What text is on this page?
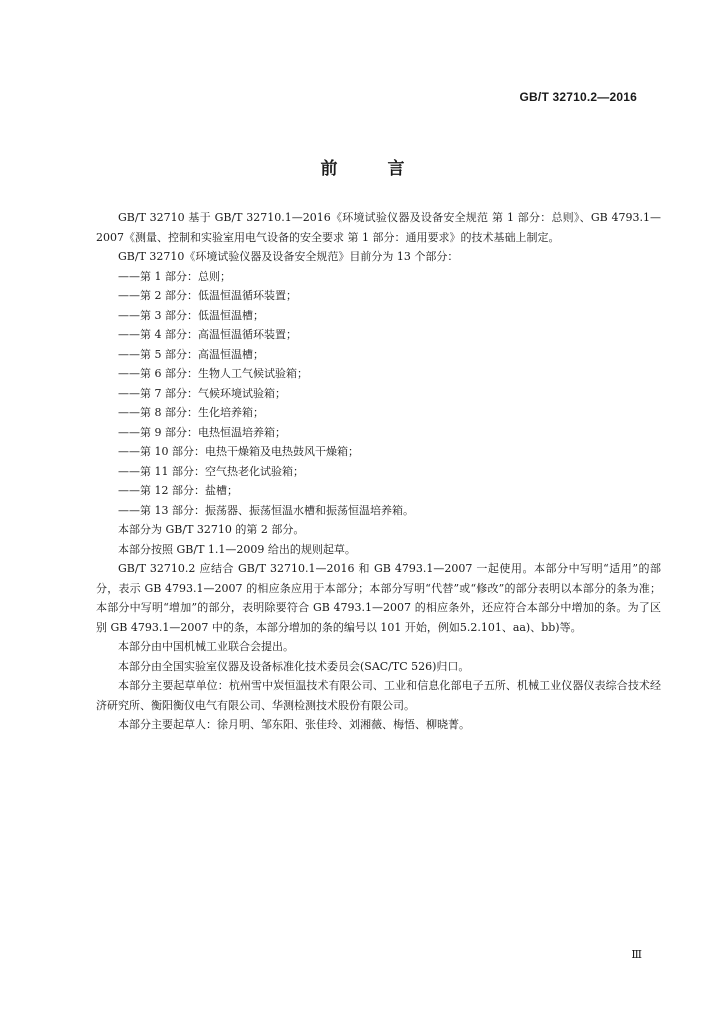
GB/T 32710.2—2016
前 言

GB/T 32710 基于 GB/T 32710.1—2016《环境试验仪器及设备安全规范 第 1 部分：总则》、GB 4793.1—2007《测量、控制和实验室用电气设备的安全要求 第 1 部分：通用要求》的技术基础上制定。

GB/T 32710《环境试验仪器及设备安全规范》目前分为 13 个部分：

——第 1 部分：总则；

——第 2 部分：低温恒温循环装置；

——第 3 部分：低温恒温槽；

——第 4 部分：高温恒温循环装置；

——第 5 部分：高温恒温槽；

——第 6 部分：生物人工气候试验箱；

——第 7 部分：气候环境试验箱；

——第 8 部分：生化培养箱；

——第 9 部分：电热恒温培养箱；

——第 10 部分：电热干燥箱及电热鼓风干燥箱；

——第 11 部分：空气热老化试验箱；

——第 12 部分：盐槽；

——第 13 部分：振荡器、振荡恒温水槽和振荡恒温培养箱。

本部分为 GB/T 32710 的第 2 部分。

本部分按照 GB/T 1.1—2009 给出的规则起草。

GB/T 32710.2 应结合 GB/T 32710.1—2016 和 GB 4793.1—2007 一起使用。本部分中写明“适用”的部分，表示 GB 4793.1—2007 的相应条应用于本部分；本部分写明“代替”或“修改”的部分表明以本部分的条为准；本部分中写明“增加”的部分，表明除要符合 GB 4793.1—2007 的相应条外，还应符合本部分中增加的条。为了区别 GB 4793.1—2007 中的条，本部分增加的条的编号以 101 开始，例如5.2.101、aa)、bb)等。

本部分由中国机械工业联合会提出。

本部分由全国实验室仪器及设备标准化技术委员会(SAC/TC 526)归口。

本部分主要起草单位：杭州雪中炭恒温技术有限公司、工业和信息化部电子五所、机械工业仪器仪表综合技术经济研究所、衡阳衡仪电气有限公司、华测检测技术股份有限公司。

本部分主要起草人：徐月明、邹东阳、张佳玲、刘湘薇、梅悟、柳晓菁。

Ⅲ
